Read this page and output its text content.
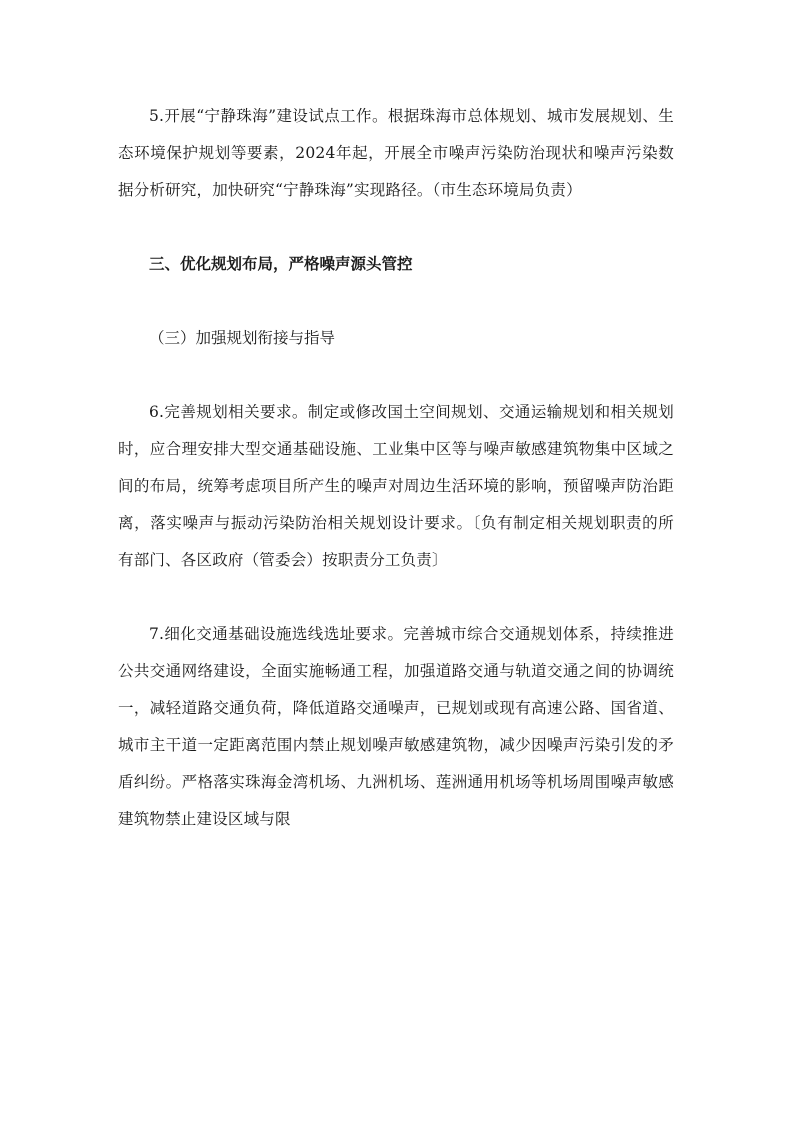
5.开展“宁静珠海”建设试点工作。根据珠海市总体规划、城市发展规划、生态环境保护规划等要素，2024年起，开展全市噪声污染防治现状和噪声污染数据分析研究，加快研究“宁静珠海”实现路径。（市生态环境局负责）

三、优化规划布局，严格噪声源头管控

（三）加强规划衔接与指导

6.完善规划相关要求。制定或修改国土空间规划、交通运输规划和相关规划时，应合理安排大型交通基础设施、工业集中区等与噪声敏感建筑物集中区域之间的布局，统筹考虑项目所产生的噪声对周边生活环境的影响，预留噪声防治距离，落实噪声与振动污染防治相关规划设计要求。〔负有制定相关规划职责的所有部门、各区政府（管委会）按职责分工负责〕

7.细化交通基础设施选线选址要求。完善城市综合交通规划体系，持续推进公共交通网络建设，全面实施畅通工程，加强道路交通与轨道交通之间的协调统一，减轻道路交通负荷，降低道路交通噪声，已规划或现有高速公路、国省道、城市主干道一定距离范围内禁止规划噪声敏感建筑物，减少因噪声污染引发的矛盾纠纷。严格落实珠海金湾机场、九洲机场、莲洲通用机场等机场周围噪声敏感建筑物禁止建设区域与限
